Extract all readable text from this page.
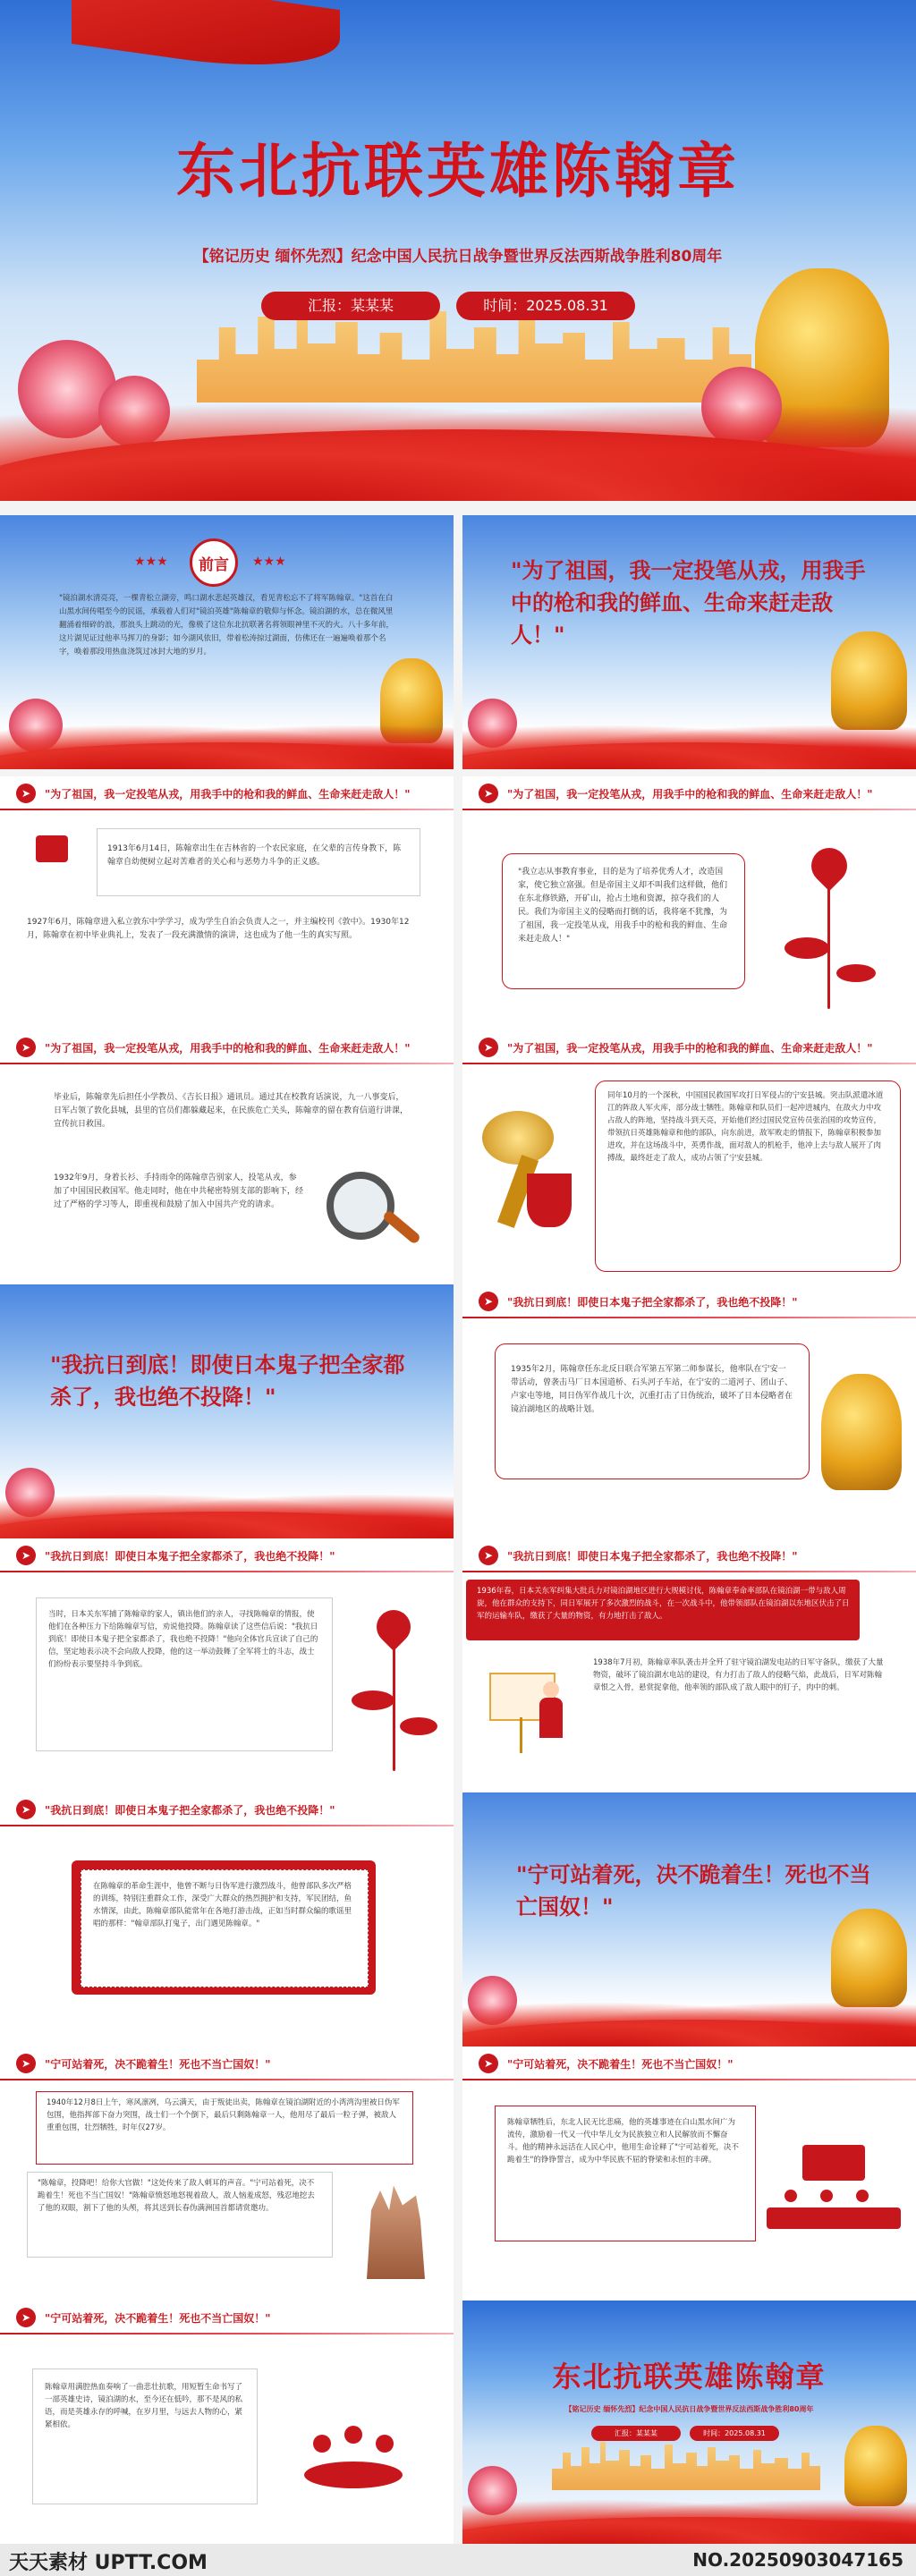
东北抗联英雄陈翰章
【铭记历史 缅怀先烈】纪念中国人民抗日战争暨世界反法西斯战争胜利80周年
汇报：某某某	时间：2025.08.31
★★★ 前言 ★★★
"镜泊湖水清亮亮，一棵青松立湖旁，鸣口湖水悲起英雄汉，看见青松忘不了将军陈翰章。"这首在白山黑水间传唱至今的民谣，承载着人们对"镜泊英雄"陈翰章的敬仰与怀念。镜泊湖的水，总在微风里翻涌着细碎的浪，那浪头上跳动的光，像极了这位东北抗联著名将领眼神里不灭的火。八十多年前，这片湖见证过他率马挥刀的身影；如今湖风依旧，带着松涛掠过湖面，仿佛还在一遍遍唤着那个名字，唤着那段用热血浇筑过冰封大地的岁月。
"为了祖国，我一定投笔从戎，用我手中的枪和我的鲜血、生命来赶走敌人！"
➤	"为了祖国，我一定投笔从戎，用我手中的枪和我的鲜血、生命来赶走敌人！"
1913年6月14日，陈翰章出生在吉林省的一个农民家庭，在父辈的言传身教下，陈翰章自幼便树立起对苦难者的关心和与恶势力斗争的正义感。
1927年6月，陈翰章进入私立敦东中学学习，成为学生自治会负责人之一，并主编校刊《敦中》。1930年12月，陈翰章在初中毕业典礼上，发表了一段充满激情的演讲，这也成为了他一生的真实写照。
➤	"为了祖国，我一定投笔从戎，用我手中的枪和我的鲜血、生命来赶走敌人！"
"我立志从事教育事业，目的是为了培养优秀人才，改造国家，使它独立富强。但是帝国主义却不叫我们这样做，他们在东北修铁路，开矿山，抢占土地和资源，掠夺我们的人民。我们为帝国主义的侵略而打倒的话，我将毫不犹豫，为了祖国，我一定投笔从戎，用我手中的枪和我的鲜血、生命来赶走敌人！"
➤	"为了祖国，我一定投笔从戎，用我手中的枪和我的鲜血、生命来赶走敌人！"
毕业后，陈翰章先后担任小学教员、《吉长日报》通讯员。通过其在校教育话演说，九一八事变后，日军占领了敦化县城，县里的官员们都躲藏起来，在民族危亡关头，陈翰章的留在教育信道行讲课，宣传抗日救国。
1932年9月，身着长衫、手持雨伞的陈翰章告别家人，投笔从戎，参加了中国国民救国军。他走同时，他在中共秘密特别支部的影响下，经过了严格的学习等人，即重视和鼓励了加入中国共产党的请求。
➤	"为了祖国，我一定投笔从戎，用我手中的枪和我的鲜血、生命来赶走敌人！"
同年10月的一个深秋，中国国民救国军攻打日军侵占的宁安县城。突击队派遣冰道江的阵敌人军火库，部分战士牺牲。陈翰章和队员们一起冲进城内，在敌火力中攻占敌人的阵地，坚持战斗到天亮，开始他们经过国民党宣传员张治国的攻势宣传，带领抗日英雄陈翰章和他的部队，向东前进，敌军败走的情报下，陈翰章积极参加进攻，并在这场战斗中，英勇作战，面对敌人的机枪手，他冲上去与敌人展开了肉搏战，最终赶走了敌人，成功占领了宁安县城。
"我抗日到底！即使日本鬼子把全家都杀了，我也绝不投降！"
➤	"我抗日到底！即使日本鬼子把全家都杀了，我也绝不投降！"
1935年2月，陈翰章任东北反日联合军第五军第二师参谋长，他率队在宁安一带活动，曾袭击马厂日本国道桥、石头河子车站，在宁安的二道河子、团山子、卢家屯等地，同日伪军作战几十次，沉重打击了日伪统治，破坏了日本侵略者在镜泊湖地区的战略计划。
➤	"我抗日到底！即使日本鬼子把全家都杀了，我也绝不投降！"
当时，日本关东军捕了陈翰章的家人，镇出他们的亲人，寻找陈翰章的情报，使他们在各种压力下给陈翰章写信，劝说他投降。陈翰章读了这些信后说："我抗日到底！即使日本鬼子把全家都杀了，我也绝不投降！"他向全体官兵宣读了自己的信，坚定地表示决不会向敌人投降，他的这一举动鼓舞了全军将士的斗志，战士们纷纷表示要坚持斗争到底。
➤	"我抗日到底！即使日本鬼子把全家都杀了，我也绝不投降！"
1936年春，日本关东军纠集大批兵力对镜泊湖地区进行大规模讨伐，陈翰章奉命率部队在镜泊湖一带与敌人周旋，他在群众的支持下，同日军展开了多次激烈的战斗，在一次战斗中，他带领部队在镜泊湖以东地区伏击了日军的运输车队，缴获了大量的物资，有力地打击了敌人。
1938年7月初，陈翰章率队袭击并全歼了驻守镜泊湖发电站的日军守备队，缴获了大量物资，破坏了镜泊湖水电站的建设，有力打击了敌人的侵略气焰，此战后，日军对陈翰章恨之入骨，悬赏捉拿他，他率领的部队成了敌人眼中的钉子，肉中的刺。
➤	"我抗日到底！即使日本鬼子把全家都杀了，我也绝不投降！"
在陈翰章的革命生涯中，他曾不断与日伪军进行激烈战斗，他曾部队多次严格的训练，特别注重群众工作，深受广大群众的热烈拥护和支持，军民团结，鱼水情深，由此，陈翰章部队能常年在各地打游击战，正如当时群众编的歌谣里唱的那样："翰章部队打鬼子，出门遇见陈翰章。"
"宁可站着死，决不跪着生！死也不当亡国奴！"
➤	"宁可站着死，决不跪着生！死也不当亡国奴！"
1940年12月8日上午，寒风凛冽，乌云满天，由于叛徒出卖，陈翰章在镜泊湖附近的小湾湾沟里被日伪军包围，他指挥部下奋力突围，战士们一个个倒下，最后只剩陈翰章一人，他用尽了最后一粒子弹，被敌人重重包围，壮烈牺牲，时年仅27岁。
"陈翰章，投降吧！给你大官做！"这处传来了敌人刺耳的声音。"宁可站着死，决不跪着生！死也不当亡国奴！"陈翰章愤怒地怒视着敌人，敌人恼羞成怒，残忍地挖去了他的双眼，割下了他的头颅，将其送到长春伪满洲国首都请赏邀功。
➤	"宁可站着死，决不跪着生！死也不当亡国奴！"
陈翰章牺牲后，东北人民无比悲痛，他的英雄事迹在白山黑水间广为流传，激励着一代又一代中华儿女为民族独立和人民解放而不懈奋斗。他的精神永远活在人民心中，他用生命诠释了"宁可站着死，决不跪着生"的铮铮誓言，成为中华民族不屈的脊梁和永恒的丰碑。
➤	"宁可站着死，决不跪着生！死也不当亡国奴！"
陈翰章用满腔热血奏响了一曲悲壮抗歌，用短暂生命书写了一部英雄史诗，镜泊湖的水，至今还在低吟，那不是风的私语，而是英雄永存的呼喊，在岁月里，与远去人物的心，紧紧相依。
东北抗联英雄陈翰章
【铭记历史 缅怀先烈】纪念中国人民抗日战争暨世界反法西斯战争胜利80周年
汇报：某某某	时间：2025.08.31
天天素材 UPTT.COM	NO.20250903047165
